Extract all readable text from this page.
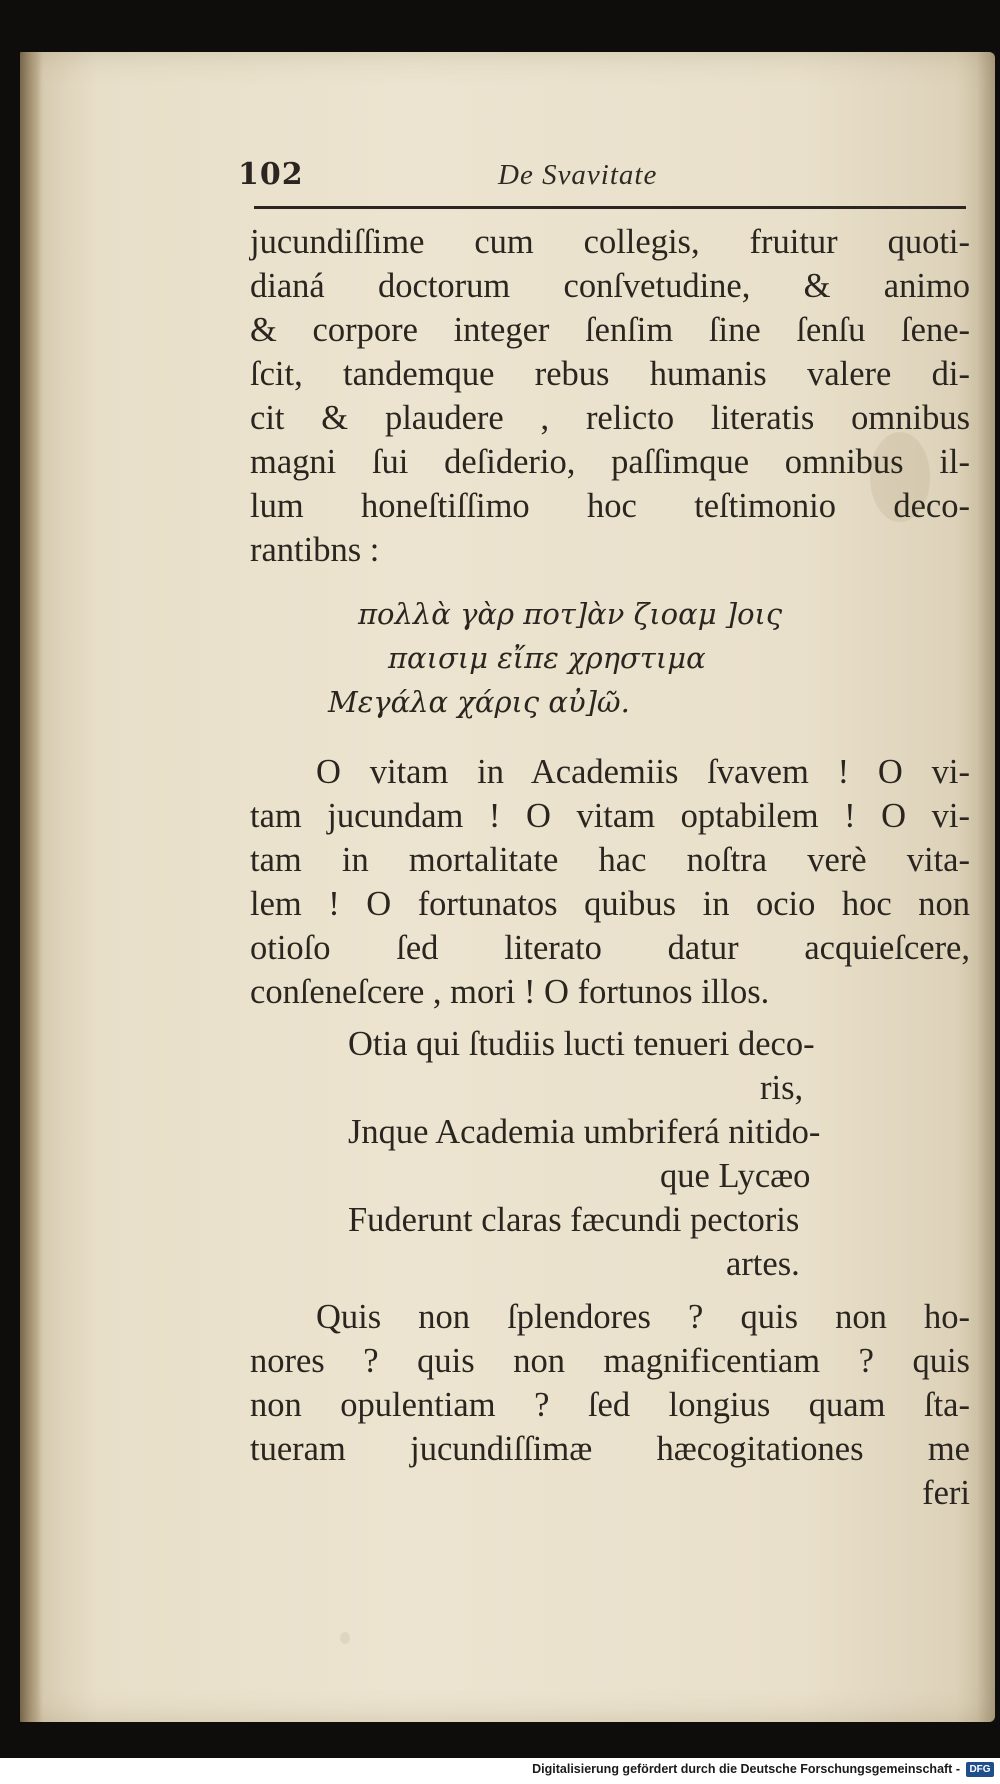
102	De Svavitate
jucundiſſime cum collegis, fruitur quoti-
dianá doctorum conſvetudine, & animo
& corpore integer ſenſim ſine ſenſu ſene-
ſcit, tandemque rebus humanis valere di-
cit & plaudere , relicto literatis omnibus
magni ſui deſiderio, paſſimque omnibus il-
lum honeſtiſſimo hoc teſtimonio deco-
rantibns :
πολλὰ γὰρ ποτ]ὰν ζιοαμ ]οις
παισιμ εἴπε χρηστιμα
Μεγάλα χάρις αὐ]ῶ.
O vitam in Academiis ſvavem ! O vi-
tam jucundam ! O vitam optabilem ! O vi-
tam in mortalitate hac noſtra verè vita-
lem ! O fortunatos quibus in ocio hoc non
otioſo ſed literato datur acquieſcere,
conſeneſcere , mori ! O fortunos illos.
Otia qui ſtudiis lucti tenueri deco-
ris,
Jnque Academia umbriferá nitido-
que Lycæo
Fuderunt claras fæcundi pectoris
artes.
Quis non ſplendores ? quis non ho-
nores ? quis non magnificentiam ? quis
non opulentiam ? ſed longius quam ſta-
tueram jucundiſſimæ hæcogitationes me
feri
Digitalisierung gefördert durch die Deutsche Forschungsgemeinschaft - DFG
